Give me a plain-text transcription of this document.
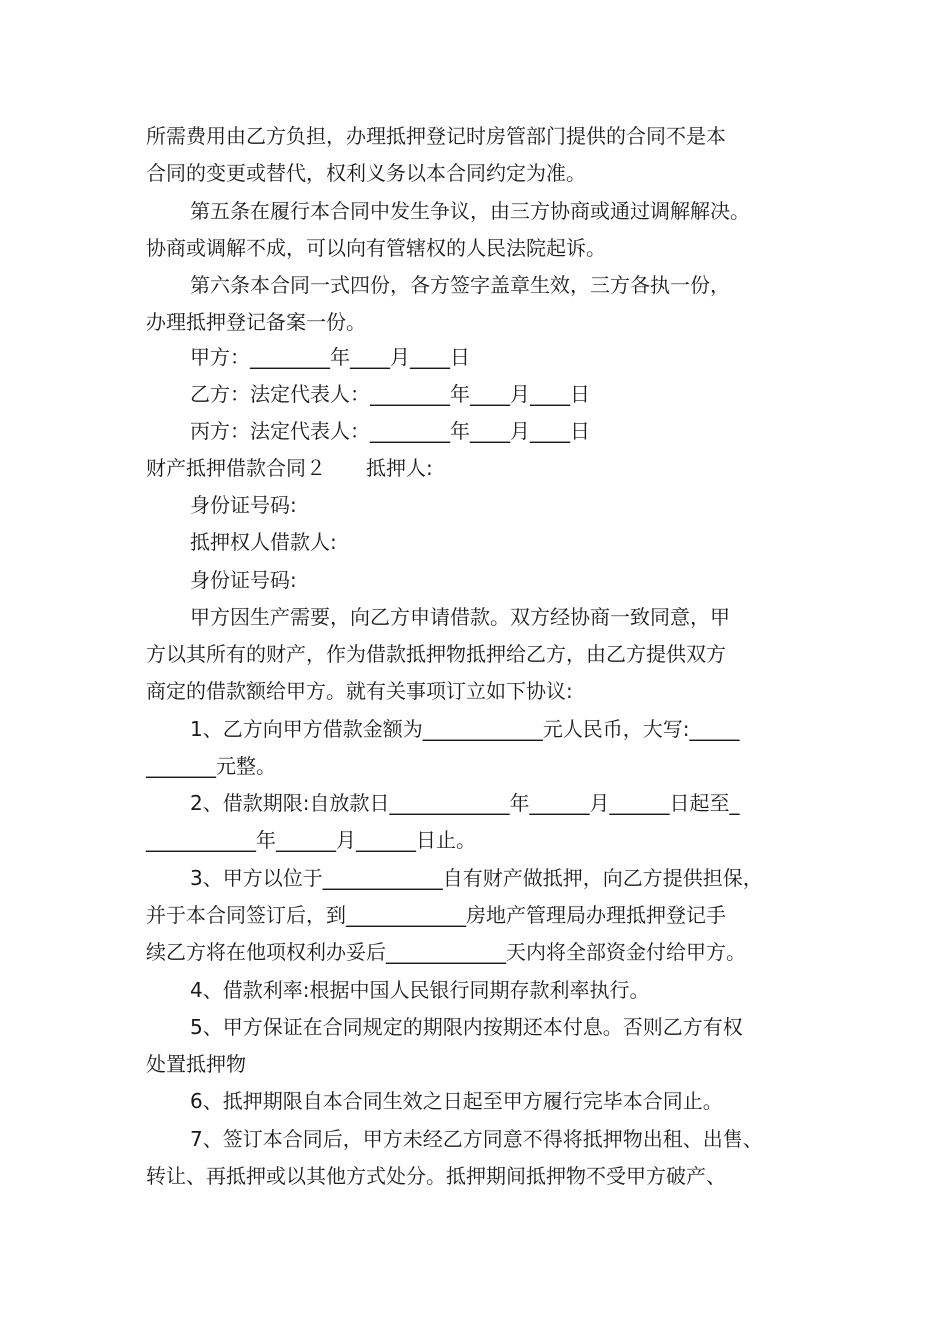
所需费用由乙方负担，办理抵押登记时房管部门提供的合同不是本
合同的变更或替代，权利义务以本合同约定为准。
第五条在履行本合同中发生争议，由三方协商或通过调解解决。
协商或调解不成，可以向有管辖权的人民法院起诉。
第六条本合同一式四份，各方签字盖章生效，三方各执一份，
办理抵押登记备案一份。
甲方：________年____月____日
乙方：法定代表人：________年____月____日
丙方：法定代表人：________年____月____日
财产抵押借款合同２　　抵押人:
身份证号码:
抵押权人借款人:
身份证号码:
甲方因生产需要，向乙方申请借款。双方经协商一致同意，甲
方以其所有的财产，作为借款抵押物抵押给乙方，由乙方提供双方
商定的借款额给甲方。就有关事项订立如下协议:
1、乙方向甲方借款金额为____________元人民币，大写:_____
_______元整。
2、借款期限:自放款日____________年______月______日起至_
___________年______月______日止。
3、甲方以位于____________自有财产做抵押，向乙方提供担保，
并于本合同签订后，到____________房地产管理局办理抵押登记手
续乙方将在他项权利办妥后____________天内将全部资金付给甲方。
4、借款利率:根据中国人民银行同期存款利率执行。
5、甲方保证在合同规定的期限内按期还本付息。否则乙方有权
处置抵押物
6、抵押期限自本合同生效之日起至甲方履行完毕本合同止。
7、签订本合同后，甲方未经乙方同意不得将抵押物出租、出售、
转让、再抵押或以其他方式处分。抵押期间抵押物不受甲方破产、
